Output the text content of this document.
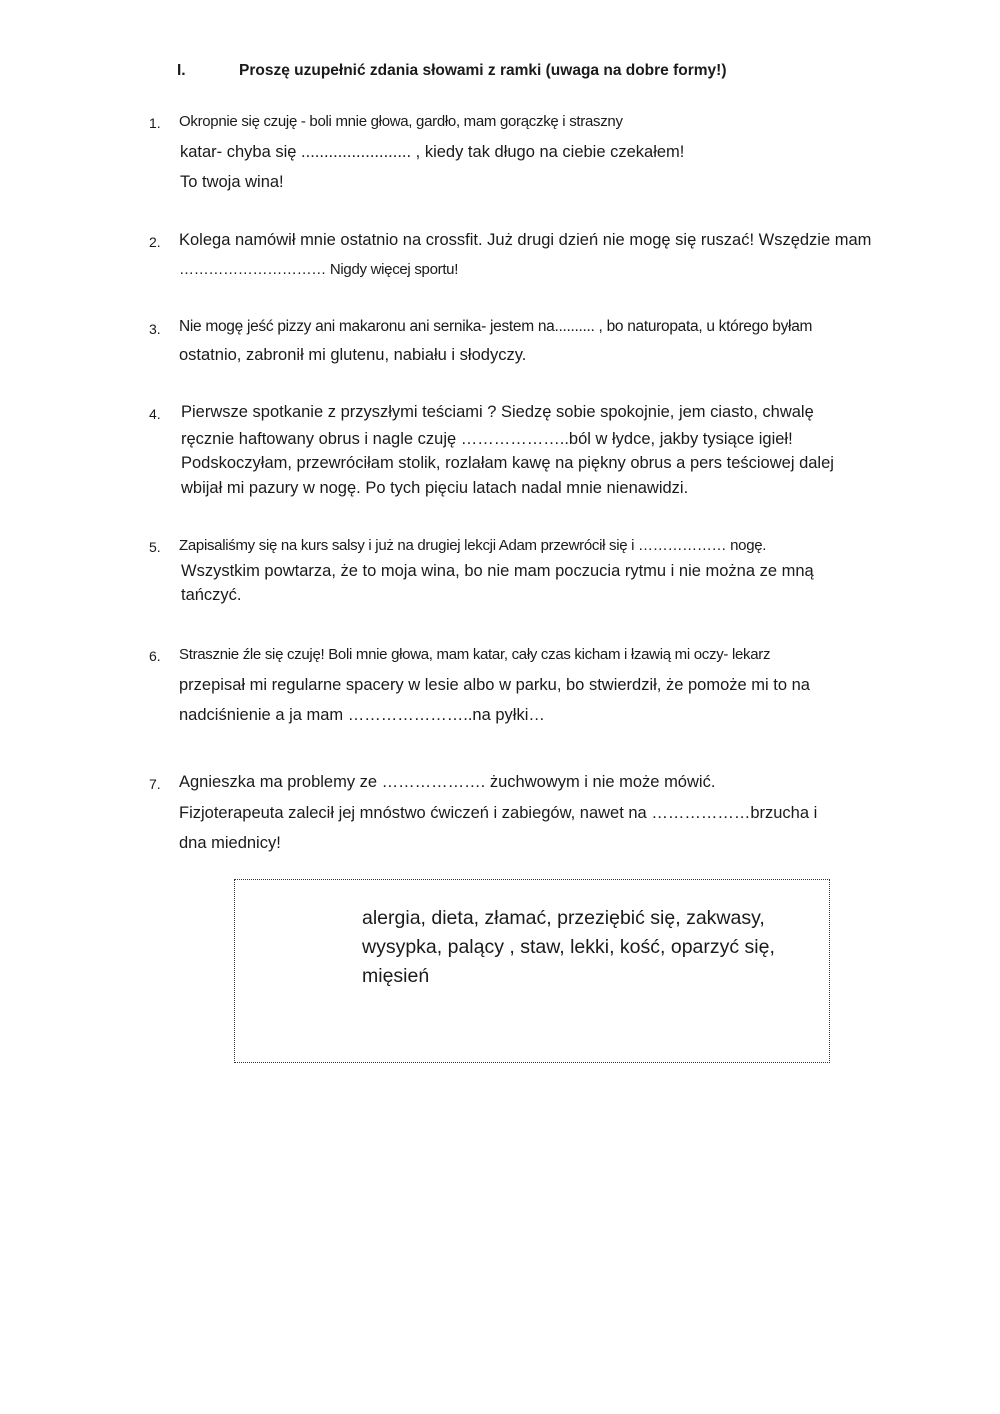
I.	Proszę uzupełnić zdania słowami z ramki (uwaga na dobre formy!)
1. Okropnie się czuję - boli mnie głowa, gardło, mam gorączkę i straszny
katar- chyba się ........................ , kiedy tak długo na ciebie czekałem!
To twoja wina!
2. Kolega namówił mnie ostatnio na crossfit. Już drugi dzień nie mogę się ruszać! Wszędzie mam
………………………… Nigdy więcej sportu!
3. Nie mogę jeść pizzy ani makaronu ani sernika- jestem na.......... , bo naturopata, u którego byłam
ostatnio, zabronił mi glutenu, nabiału i słodyczy.
4. Pierwsze spotkanie z przyszłymi teściami ? Siedzę sobie spokojnie, jem ciasto, chwalę
ręcznie haftowany obrus i nagle czuję ………………..ból w łydce, jakby tysiące igieł!
Podskoczyłam, przewróciłam stolik, rozlałam kawę na piękny obrus a pers teściowej dalej
wbijał mi pazury w nogę. Po tych pięciu latach nadal mnie nienawidzi.
5. Zapisaliśmy się na kurs salsy i już na drugiej lekcji Adam przewrócił się i ……………… nogę.
Wszystkim powtarza, że to moja wina, bo nie mam poczucia rytmu i nie można ze mną
tańczyć.
6. Strasznie źle się czuję! Boli mnie głowa, mam katar, cały czas kicham i łzawią mi oczy- lekarz
przepisał mi regularne spacery w lesie albo w parku, bo stwierdził, że pomoże mi to na
nadciśnienie a ja mam …………………..na pyłki…
7. Agnieszka ma problemy ze ………………. żuchwowym i nie może mówić.
Fizjoterapeuta zalecił jej mnóstwo ćwiczeń i zabiegów, nawet na ………………brzucha i
dna miednicy!
alergia, dieta, złamać, przeziębić się, zakwasy,
wysypka, palący , staw, lekki, kość, oparzyć się,
mięsień
